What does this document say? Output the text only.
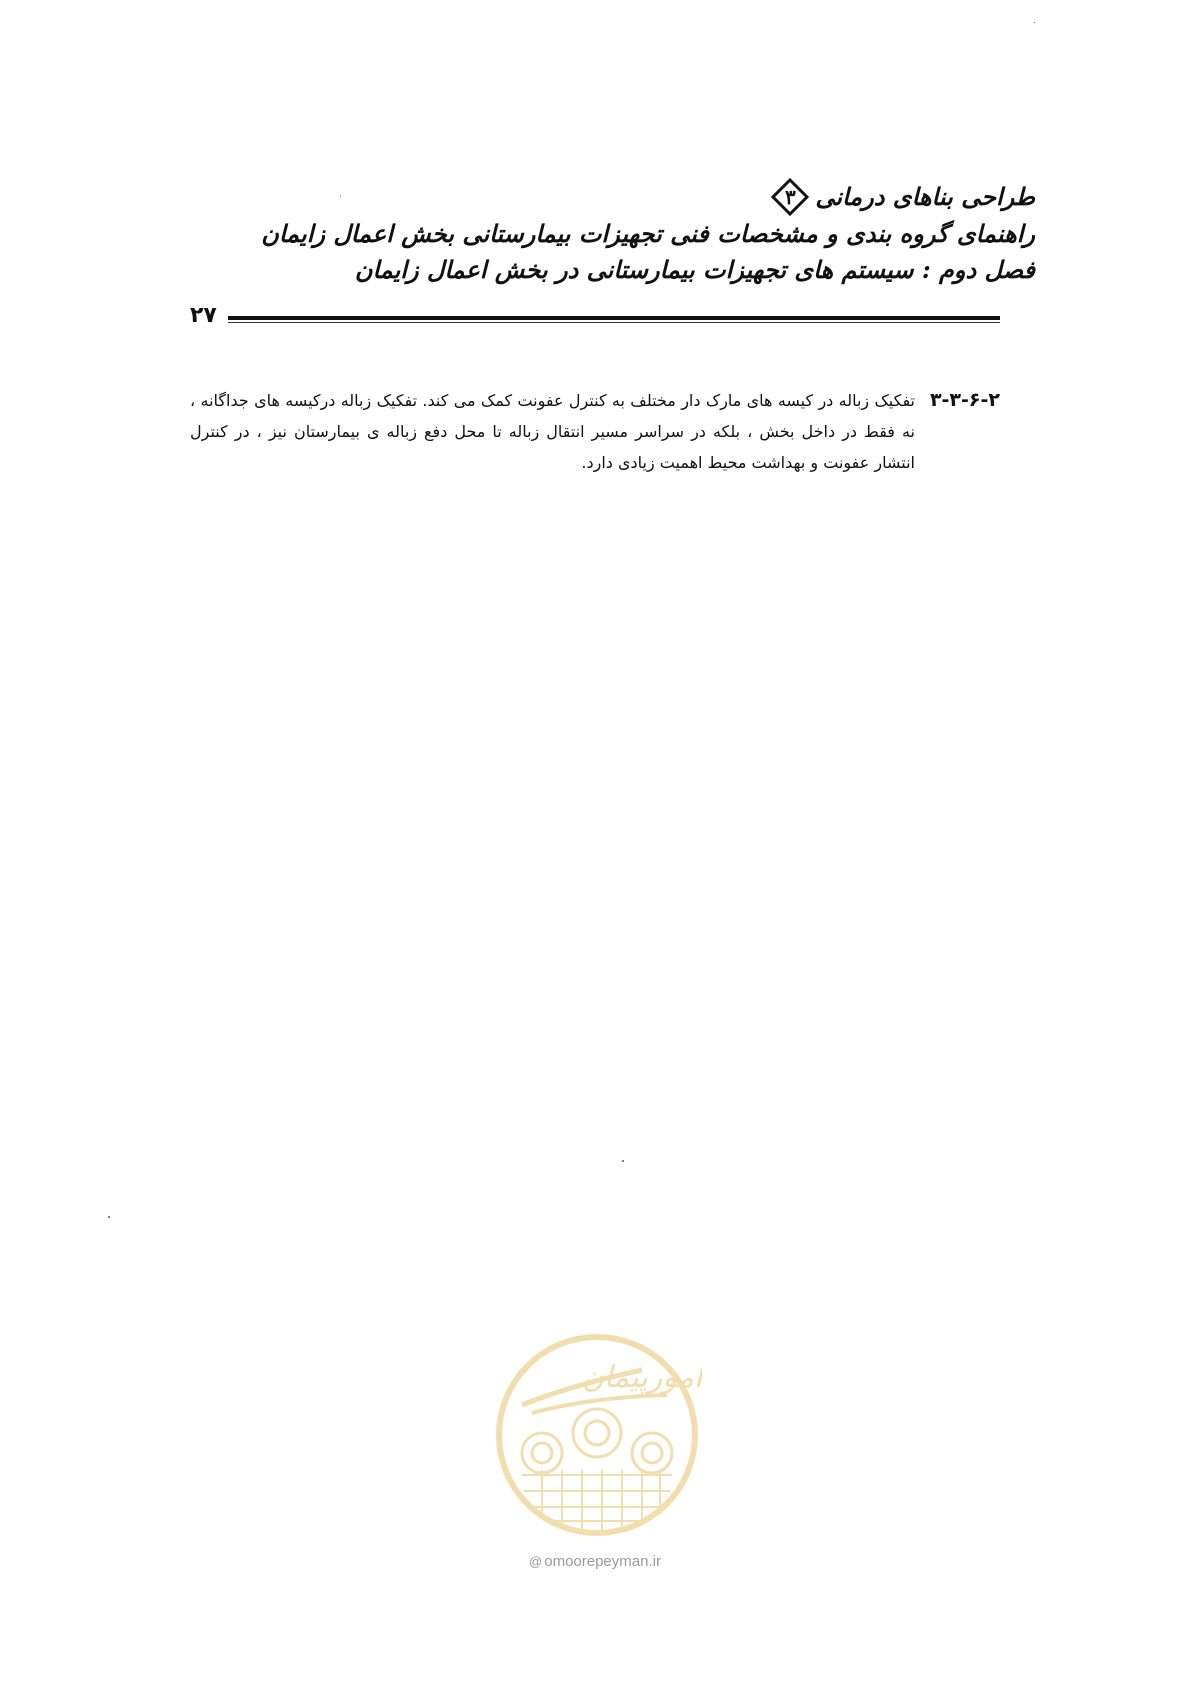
طراحی بناهای درمانی
۳
راهنمای گروه بندی و مشخصات فنی تجهیزات بیمارستانی بخش اعمال زایمان
فصل دوم : سیستم های تجهیزات بیمارستانی در بخش اعمال زایمان
۲۷
۳-۳-۶-۲

تفکیک زباله در کیسه های مارک دار مختلف به کنترل عفونت کمک می کند. تفکیک زباله درکیسه های جداگانه ، نه فقط در داخل بخش ، بلکه در سراسر مسیر انتقال زباله تا محل دفع زباله ی بیمارستان نیز ، در کنترل انتشار عفونت و بهداشت محیط اهمیت زیادی دارد.

امورپیمان
@ omoorepeyman.ir
